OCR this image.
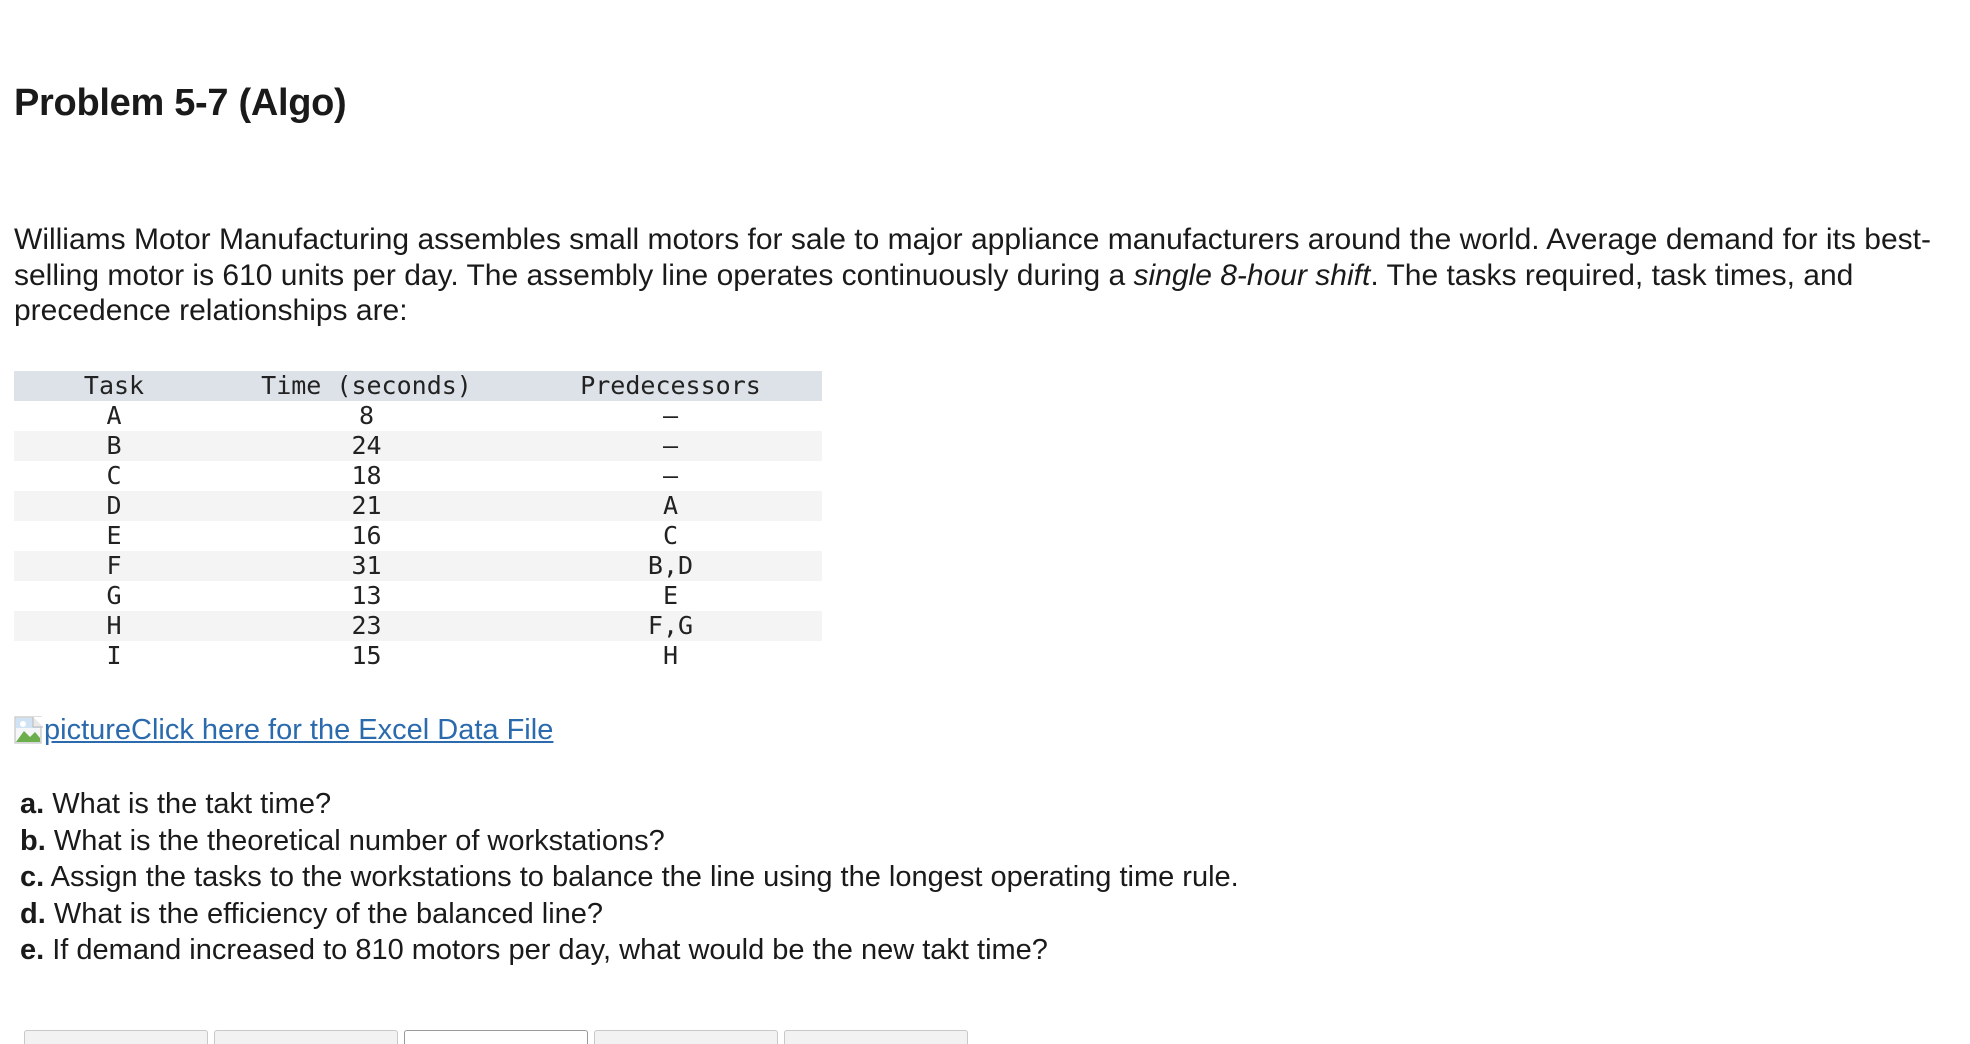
Problem 5-7 (Algo)

Williams Motor Manufacturing assembles small motors for sale to major appliance manufacturers around the world. Average demand for its best-selling motor is 610 units per day. The assembly line operates continuously during a single 8-hour shift. The tasks required, task times, and precedence relationships are:

Task	Time (seconds)	Predecessors
A	8	—
B	24	—
C	18	—
D	21	A
E	16	C
F	31	B,D
G	13	E
H	23	F,G
I	15	H
picture Click here for the Excel Data File

a. What is the takt time?

b. What is the theoretical number of workstations?

c. Assign the tasks to the workstations to balance the line using the longest operating time rule.

d. What is the efficiency of the balanced line?

e. If demand increased to 810 motors per day, what would be the new takt time?
